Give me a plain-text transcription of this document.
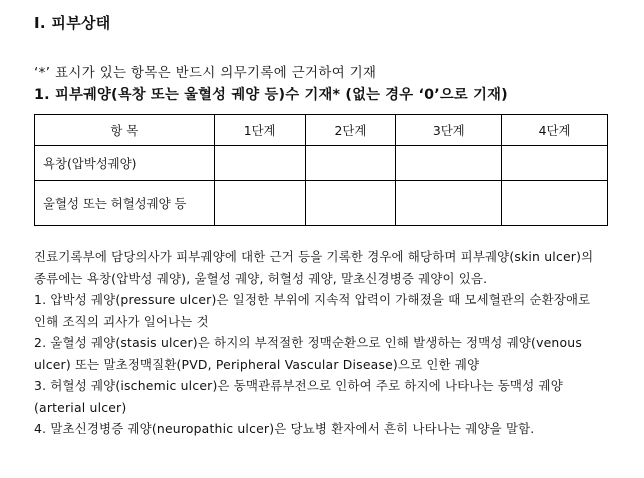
I. 피부상태
‘*’ 표시가 있는 항목은 반드시 의무기록에 근거하여 기재
1. 피부궤양(욕창 또는 울혈성 궤양 등)수 기재* (없는 경우 ‘0’으로 기재)
항 목	1단계	2단계	3단계	4단계
욕창(압박성궤양)				
울혈성 또는 허혈성궤양 등				

진료기록부에 담당의사가 피부궤양에 대한 근거 등을 기록한 경우에 해당하며 피부궤양(skin ulcer)의 종류에는 욕창(압박성 궤양), 울혈성 궤양, 허혈성 궤양, 말초신경병증 궤양이 있음.

1. 압박성 궤양(pressure ulcer)은 일정한 부위에 지속적 압력이 가해졌을 때 모세혈관의 순환장애로 인해 조직의 괴사가 일어나는 것

2. 울혈성 궤양(stasis ulcer)은 하지의 부적절한 정맥순환으로 인해 발생하는 정맥성 궤양(venous ulcer) 또는 말초정맥질환(PVD, Peripheral Vascular Disease)으로 인한 궤양

3. 허혈성 궤양(ischemic ulcer)은 동맥관류부전으로 인하여 주로 하지에 나타나는 동맥성 궤양(arterial ulcer)

4. 말초신경병증 궤양(neuropathic ulcer)은 당뇨병 환자에서 흔히 나타나는 궤양을 말함.
